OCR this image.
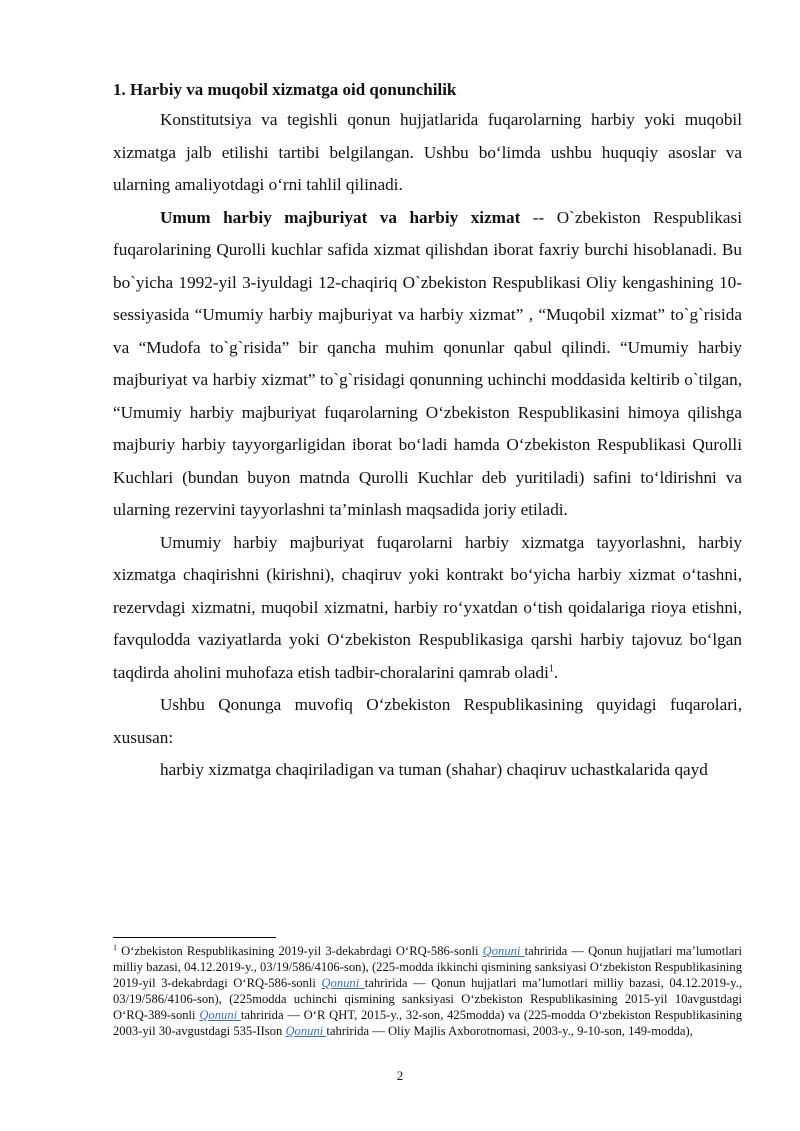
1. Harbiy va muqobil xizmatga oid qonunchilik

Konstitutsiya va tegishli qonun hujjatlarida fuqarolarning harbiy yoki muqobil xizmatga jalb etilishi tartibi belgilangan. Ushbu bo‘limda ushbu huquqiy asoslar va ularning amaliyotdagi o‘rni tahlil qilinadi.

Umum harbiy majburiyat va harbiy xizmat -- O`zbekiston Respublikasi fuqarolarining Qurolli kuchlar safida xizmat qilishdan iborat faxriy burchi hisoblanadi. Bu bo`yicha 1992-yil 3-iyuldagi 12-chaqiriq O`zbekiston Respublikasi Oliy kengashining 10-sessiyasida “Umumiy harbiy majburiyat va harbiy xizmat” , “Muqobil xizmat” to`g`risida va “Mudofa to`g`risida” bir qancha muhim qonunlar qabul qilindi. “Umumiy harbiy majburiyat va harbiy xizmat” to`g`risidagi qonunning uchinchi moddasida keltirib o`tilgan, “Umumiy harbiy majburiyat fuqarolarning O‘zbekiston Respublikasini himoya qilishga majburiy harbiy tayyorgarligidan iborat bo‘ladi hamda O‘zbekiston Respublikasi Qurolli Kuchlari (bundan buyon matnda Qurolli Kuchlar deb yuritiladi) safini to‘ldirishni va ularning rezervini tayyorlashni ta’minlash maqsadida joriy etiladi.

Umumiy harbiy majburiyat fuqarolarni harbiy xizmatga tayyorlashni, harbiy xizmatga chaqirishni (kirishni), chaqiruv yoki kontrakt bo‘yicha harbiy xizmat o‘tashni, rezervdagi xizmatni, muqobil xizmatni, harbiy ro‘yxatdan o‘tish qoidalariga rioya etishni, favqulodda vaziyatlarda yoki O‘zbekiston Respublikasiga qarshi harbiy tajovuz bo‘lgan taqdirda aholini muhofaza etish tadbir-choralarini qamrab oladi$^1$.

Ushbu Qonunga muvofiq O‘zbekiston Respublikasining quyidagi fuqarolari, xususan:

harbiy xizmatga chaqiriladigan va tuman (shahar) chaqiruv uchastkalarida qayd

$^1$ O‘zbekiston Respublikasining 2019-yil 3-dekabrdagi O‘RQ-586-sonli Qonuni tahririda — Qonun hujjatlari ma’lumotlari milliy bazasi, 04.12.2019-y., 03/19/586/4106-son), (225-modda ikkinchi qismining sanksiyasi O‘zbekiston Respublikasining 2019-yil 3-dekabrdagi O‘RQ-586-sonli Qonuni tahririda — Qonun hujjatlari ma’lumotlari milliy bazasi, 04.12.2019-y., 03/19/586/4106-son), (225modda uchinchi qismining sanksiyasi O‘zbekiston Respublikasining 2015-yil 10avgustdagi O‘RQ-389-sonli Qonuni tahririda — O‘R QHT, 2015-y., 32-son, 425modda) va (225-modda O‘zbekiston Respublikasining 2003-yil 30-avgustdagi 535-IIson Qonuni tahririda — Oliy Majlis Axborotnomasi, 2003-y., 9-10-son, 149-modda),
2
